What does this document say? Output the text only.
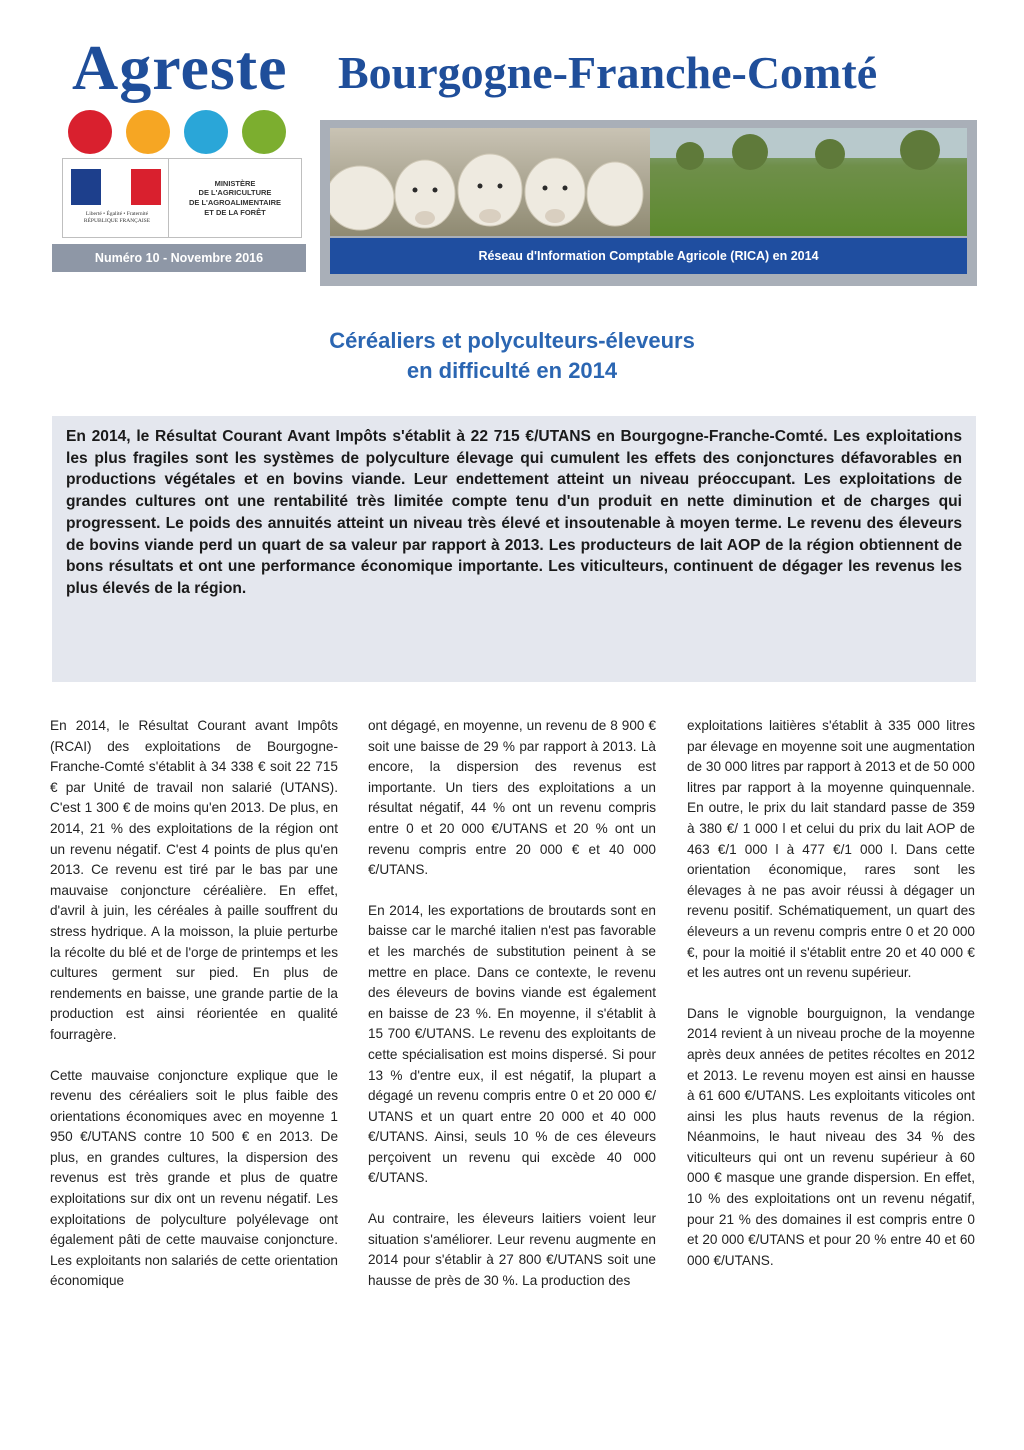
Agreste Bourgogne-Franche-Comté
Liberté • Égalité • Fraternité
RÉPUBLIQUE FRANÇAISE
MINISTÈRE
DE L'AGRICULTURE
DE L'AGROALIMENTAIRE
ET DE LA FORÊT
Numéro 10 - Novembre 2016	Réseau d'Information Comptable Agricole (RICA) en 2014
Céréaliers et polyculteurs-éleveurs
en difficulté en 2014
En 2014, le Résultat Courant Avant Impôts s'établit à 22 715 €/UTANS en Bourgogne-Franche-Comté. Les exploitations les plus fragiles sont les systèmes de polyculture élevage qui cumulent les effets des conjonctures défavorables en productions végétales et en bovins viande. Leur endettement atteint un niveau préoccupant. Les exploitations de grandes cultures ont une rentabilité très limitée compte tenu d'un produit en nette diminution et de charges qui progressent. Le poids des annuités atteint un niveau très élevé et insoutenable à moyen terme. Le revenu des éleveurs de bovins viande perd un quart de sa valeur par rapport à 2013. Les producteurs de lait AOP de la région obtiennent de bons résultats et ont une performance économique importante. Les viticulteurs, continuent de dégager les revenus les plus élevés de la région.

En 2014, le Résultat Courant avant Impôts (RCAI) des exploitations de Bourgogne-Franche-Comté s'établit à 34 338 € soit 22 715 € par Unité de travail non salarié (UTANS). C'est 1 300 € de moins qu'en 2013. De plus, en 2014, 21 % des exploitations de la région ont un revenu négatif. C'est 4 points de plus qu'en 2013. Ce revenu est tiré par le bas par une mauvaise conjoncture céréalière. En effet, d'avril à juin, les céréales à paille souffrent du stress hydrique. A la moisson, la pluie perturbe la récolte du blé et de l'orge de printemps et les cultures germent sur pied. En plus de rendements en baisse, une grande partie de la production est ainsi réorientée en qualité fourragère.

Cette mauvaise conjoncture explique que le revenu des céréaliers soit le plus faible des orientations économiques avec en moyenne 1 950 €/UTANS contre 10 500 € en 2013. De plus, en grandes cultures, la dispersion des revenus est très grande et plus de quatre exploitations sur dix ont un revenu négatif. Les exploitations de polyculture polyélevage ont également pâti de cette mauvaise conjoncture. Les exploitants non salariés de cette orientation économique

ont dégagé, en moyenne, un revenu de 8 900 € soit une baisse de 29 % par rapport à 2013. Là encore, la dispersion des revenus est importante. Un tiers des exploitations a un résultat négatif, 44 % ont un revenu compris entre 0 et 20 000 €/UTANS et 20 % ont un revenu compris entre 20 000 € et 40 000 €/UTANS.

En 2014, les exportations de broutards sont en baisse car le marché italien n'est pas favorable et les marchés de substitution peinent à se mettre en place. Dans ce contexte, le revenu des éleveurs de bovins viande est également en baisse de 23 %. En moyenne, il s'établit à 15 700 €/UTANS. Le revenu des exploitants de cette spécialisation est moins dispersé. Si pour 13 % d'entre eux, il est négatif, la plupart a dégagé un revenu compris entre 0 et 20 000 €/ UTANS et un quart entre 20 000 et 40 000 €/UTANS. Ainsi, seuls 10 % de ces éleveurs perçoivent un revenu qui excède 40 000 €/UTANS.

Au contraire, les éleveurs laitiers voient leur situation s'améliorer. Leur revenu augmente en 2014 pour s'établir à 27 800 €/UTANS soit une hausse de près de 30 %. La production des

exploitations laitières s'établit à 335 000 litres par élevage en moyenne soit une augmentation de 30 000 litres par rapport à 2013 et de 50 000 litres par rapport à la moyenne quinquennale. En outre, le prix du lait standard passe de 359 à 380 €/ 1 000 l et celui du prix du lait AOP de 463 €/1 000 l à 477 €/1 000 l. Dans cette orientation économique, rares sont les élevages à ne pas avoir réussi à dégager un revenu positif. Schématiquement, un quart des éleveurs a un revenu compris entre 0 et 20 000 €, pour la moitié il s'établit entre 20 et 40 000 € et les autres ont un revenu supérieur.

Dans le vignoble bourguignon, la vendange 2014 revient à un niveau proche de la moyenne après deux années de petites récoltes en 2012 et 2013. Le revenu moyen est ainsi en hausse à 61 600 €/UTANS. Les exploitants viticoles ont ainsi les plus hauts revenus de la région. Néanmoins, le haut niveau des 34 % des viticulteurs qui ont un revenu supérieur à 60 000 € masque une grande dispersion. En effet, 10 % des exploitations ont un revenu négatif, pour 21 % des domaines il est compris entre 0 et 20 000 €/UTANS et pour 20 % entre 40 et 60 000 €/UTANS.
